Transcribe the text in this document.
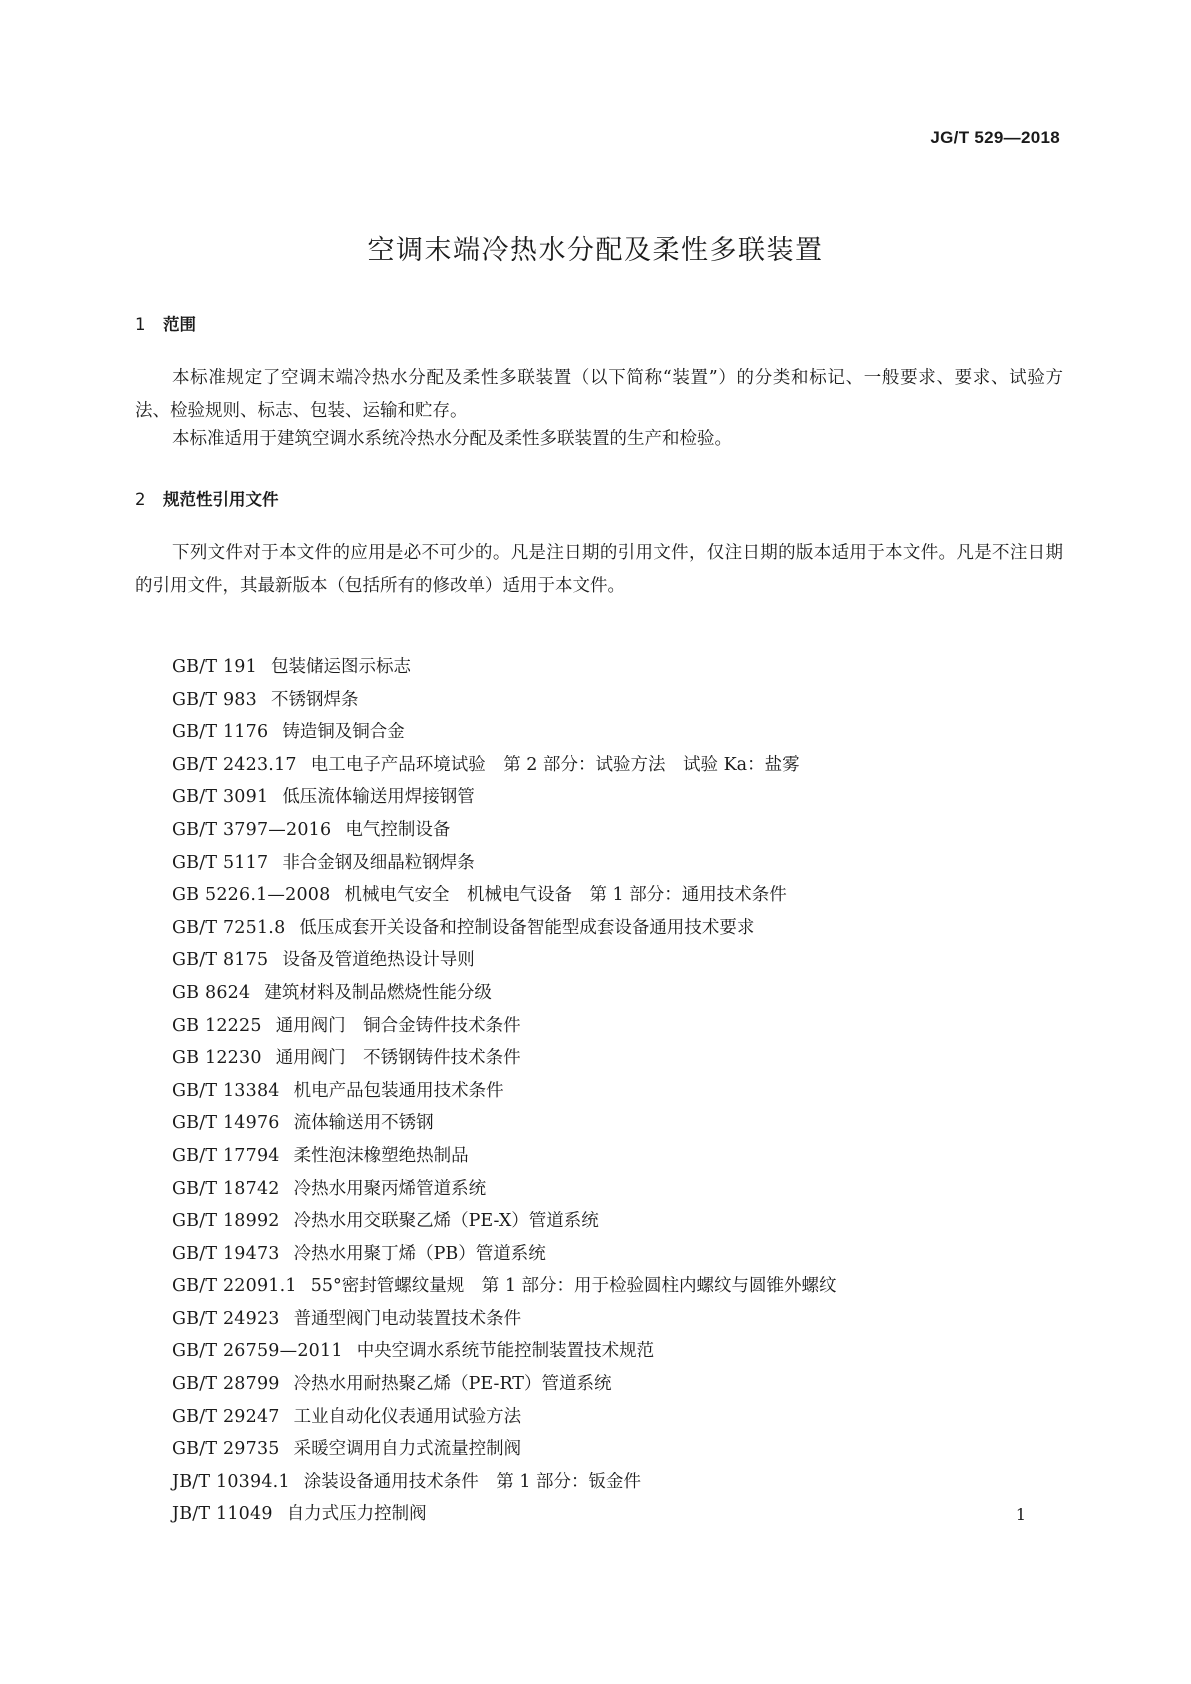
JG/T 529—2018
空调末端冷热水分配及柔性多联装置
1 范围

本标准规定了空调末端冷热水分配及柔性多联装置（以下简称“装置”）的分类和标记、一般要求、要求、试验方法、检验规则、标志、包装、运输和贮存。

本标准适用于建筑空调水系统冷热水分配及柔性多联装置的生产和检验。

2 规范性引用文件

下列文件对于本文件的应用是必不可少的。凡是注日期的引用文件，仅注日期的版本适用于本文件。凡是不注日期的引用文件，其最新版本（包括所有的修改单）适用于本文件。

GB/T 191 包装储运图示标志
GB/T 983 不锈钢焊条
GB/T 1176 铸造铜及铜合金
GB/T 2423.17 电工电子产品环境试验　第 2 部分：试验方法　试验 Ka：盐雾
GB/T 3091 低压流体输送用焊接钢管
GB/T 3797—2016 电气控制设备
GB/T 5117 非合金钢及细晶粒钢焊条
GB 5226.1—2008 机械电气安全　机械电气设备　第 1 部分：通用技术条件
GB/T 7251.8 低压成套开关设备和控制设备智能型成套设备通用技术要求
GB/T 8175 设备及管道绝热设计导则
GB 8624 建筑材料及制品燃烧性能分级
GB 12225 通用阀门　铜合金铸件技术条件
GB 12230 通用阀门　不锈钢铸件技术条件
GB/T 13384 机电产品包装通用技术条件
GB/T 14976 流体输送用不锈钢
GB/T 17794 柔性泡沫橡塑绝热制品
GB/T 18742 冷热水用聚丙烯管道系统
GB/T 18992 冷热水用交联聚乙烯（PE-X）管道系统
GB/T 19473 冷热水用聚丁烯（PB）管道系统
GB/T 22091.1 55°密封管螺纹量规　第 1 部分：用于检验圆柱内螺纹与圆锥外螺纹
GB/T 24923 普通型阀门电动装置技术条件
GB/T 26759—2011 中央空调水系统节能控制装置技术规范
GB/T 28799 冷热水用耐热聚乙烯（PE-RT）管道系统
GB/T 29247 工业自动化仪表通用试验方法
GB/T 29735 采暖空调用自力式流量控制阀
JB/T 10394.1 涂装设备通用技术条件　第 1 部分：钣金件
JB/T 11049 自力式压力控制阀	1
